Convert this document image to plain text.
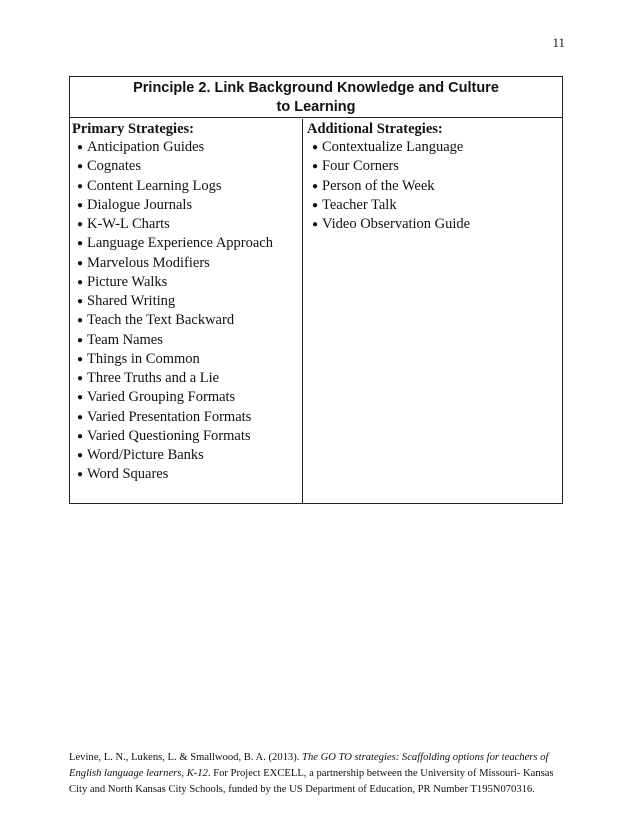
11
Principle 2. Link Background Knowledge and Culture
to Learning
Primary Strategies:
● Anticipation Guides
● Cognates
● Content Learning Logs
● Dialogue Journals
● K-W-L Charts
● Language Experience Approach
● Marvelous Modifiers
● Picture Walks
● Shared Writing
● Teach the Text Backward
● Team Names
● Things in Common
● Three Truths and a Lie
● Varied Grouping Formats
● Varied Presentation Formats
● Varied Questioning Formats
● Word/Picture Banks
● Word Squares
Additional Strategies:
● Contextualize Language
● Four Corners
● Person of the Week
● Teacher Talk
● Video Observation Guide
Levine, L. N., Lukens, L. & Smallwood, B. A. (2013). The GO TO strategies: Scaffolding options for teachers of English language learners, K-12. For Project EXCELL, a partnership between the University of Missouri- Kansas City and North Kansas City Schools, funded by the US Department of Education, PR Number T195N070316.
